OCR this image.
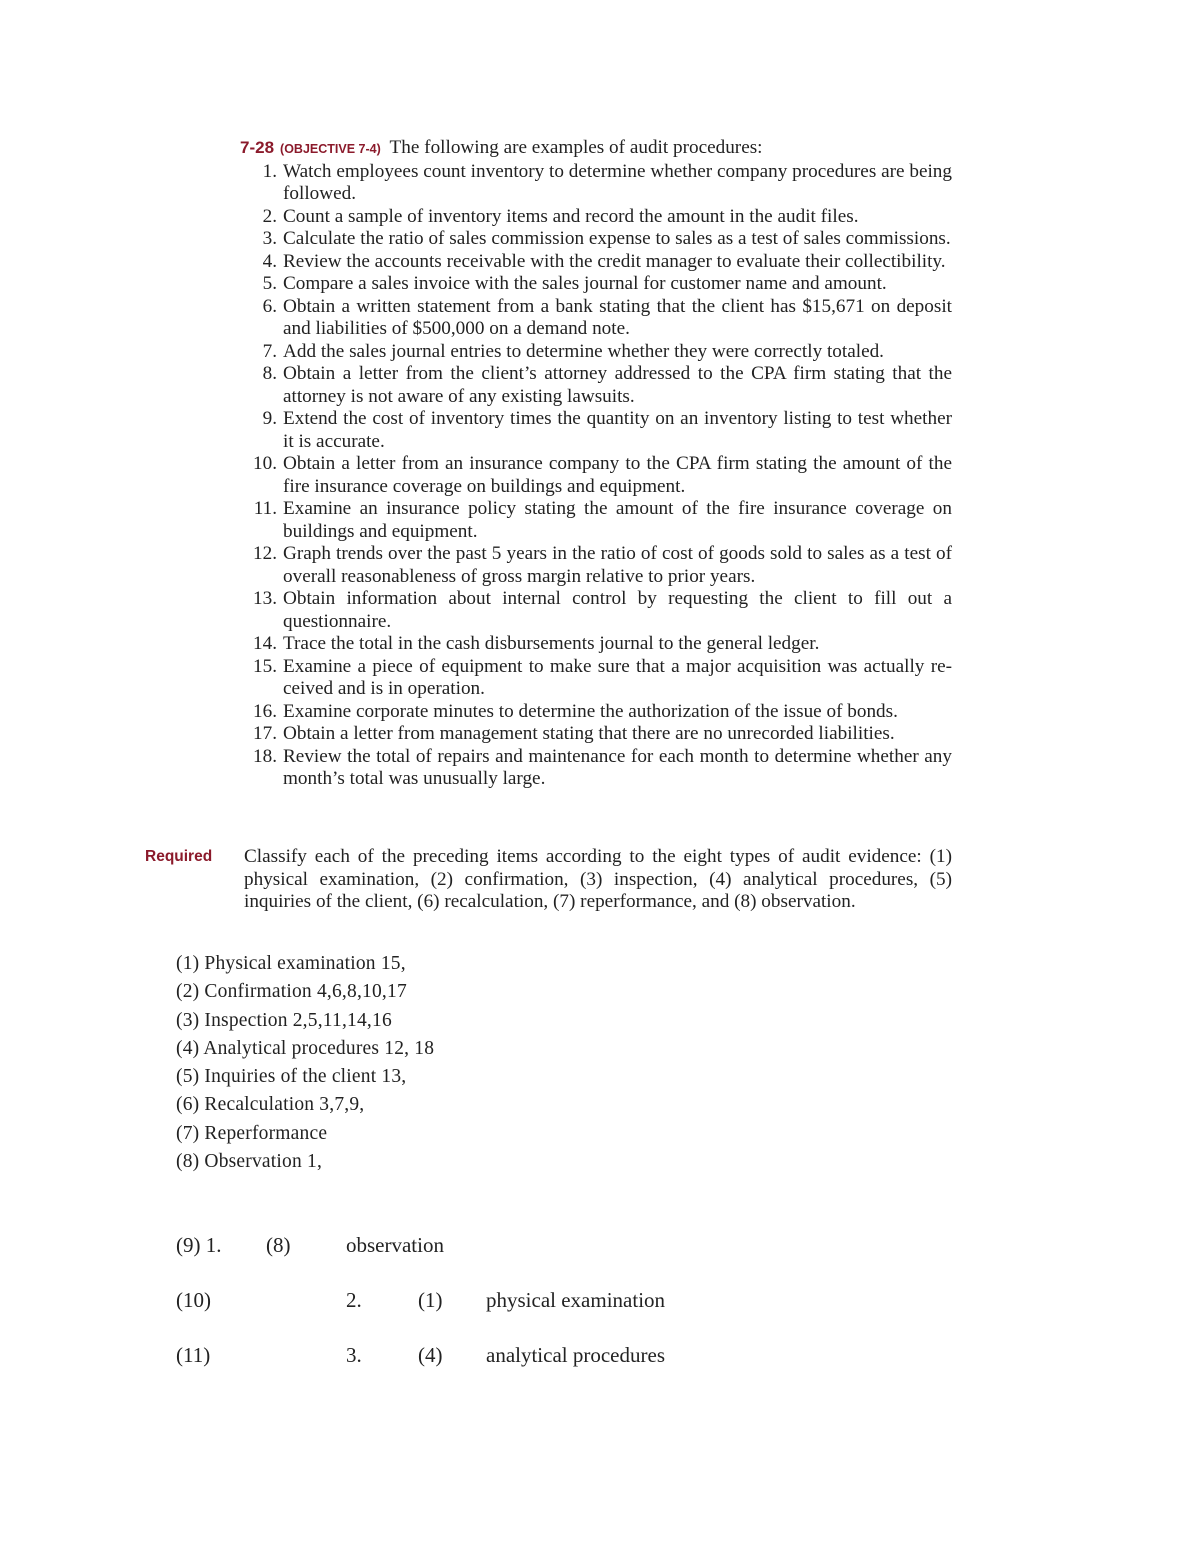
7-28 (OBJECTIVE 7-4) The following are examples of audit procedures:
1. Watch employees count inventory to determine whether company procedures are being followed.
2. Count a sample of inventory items and record the amount in the audit files.
3. Calculate the ratio of sales commission expense to sales as a test of sales commissions.
4. Review the accounts receivable with the credit manager to evaluate their collectibility.
5. Compare a sales invoice with the sales journal for customer name and amount.
6. Obtain a written statement from a bank stating that the client has $15,671 on deposit and liabilities of $500,000 on a demand note.
7. Add the sales journal entries to determine whether they were correctly totaled.
8. Obtain a letter from the client’s attorney addressed to the CPA firm stating that the attorney is not aware of any existing lawsuits.
9. Extend the cost of inventory times the quantity on an inventory listing to test whether it is accurate.
10. Obtain a letter from an insurance company to the CPA firm stating the amount of the fire insurance coverage on buildings and equipment.
11. Examine an insurance policy stating the amount of the fire insurance coverage on buildings and equipment.
12. Graph trends over the past 5 years in the ratio of cost of goods sold to sales as a test of overall reasonableness of gross margin relative to prior years.
13. Obtain information about internal control by requesting the client to fill out a questionnaire.
14. Trace the total in the cash disbursements journal to the general ledger.
15. Examine a piece of equipment to make sure that a major acquisition was actually re-ceived and is in operation.
16. Examine corporate minutes to determine the authorization of the issue of bonds.
17. Obtain a letter from management stating that there are no unrecorded liabilities.
18. Review the total of repairs and maintenance for each month to determine whether any month’s total was unusually large.
Required Classify each of the preceding items according to the eight types of audit evidence: (1) physical examination, (2) confirmation, (3) inspection, (4) analytical procedures, (5) inquiries of the client, (6) recalculation, (7) reperformance, and (8) observation.
(1) Physical examination 15,
(2) Confirmation 4,6,8,10,17
(3) Inspection 2,5,11,14,16
(4) Analytical procedures 12, 18
(5) Inquiries of the client 13,
(6) Recalculation 3,7,9,
(7) Reperformance
(8) Observation 1,
(9) 1. (8)	observation
(10)	2.	(1) physical examination
(11)	3.	(4) analytical procedures
